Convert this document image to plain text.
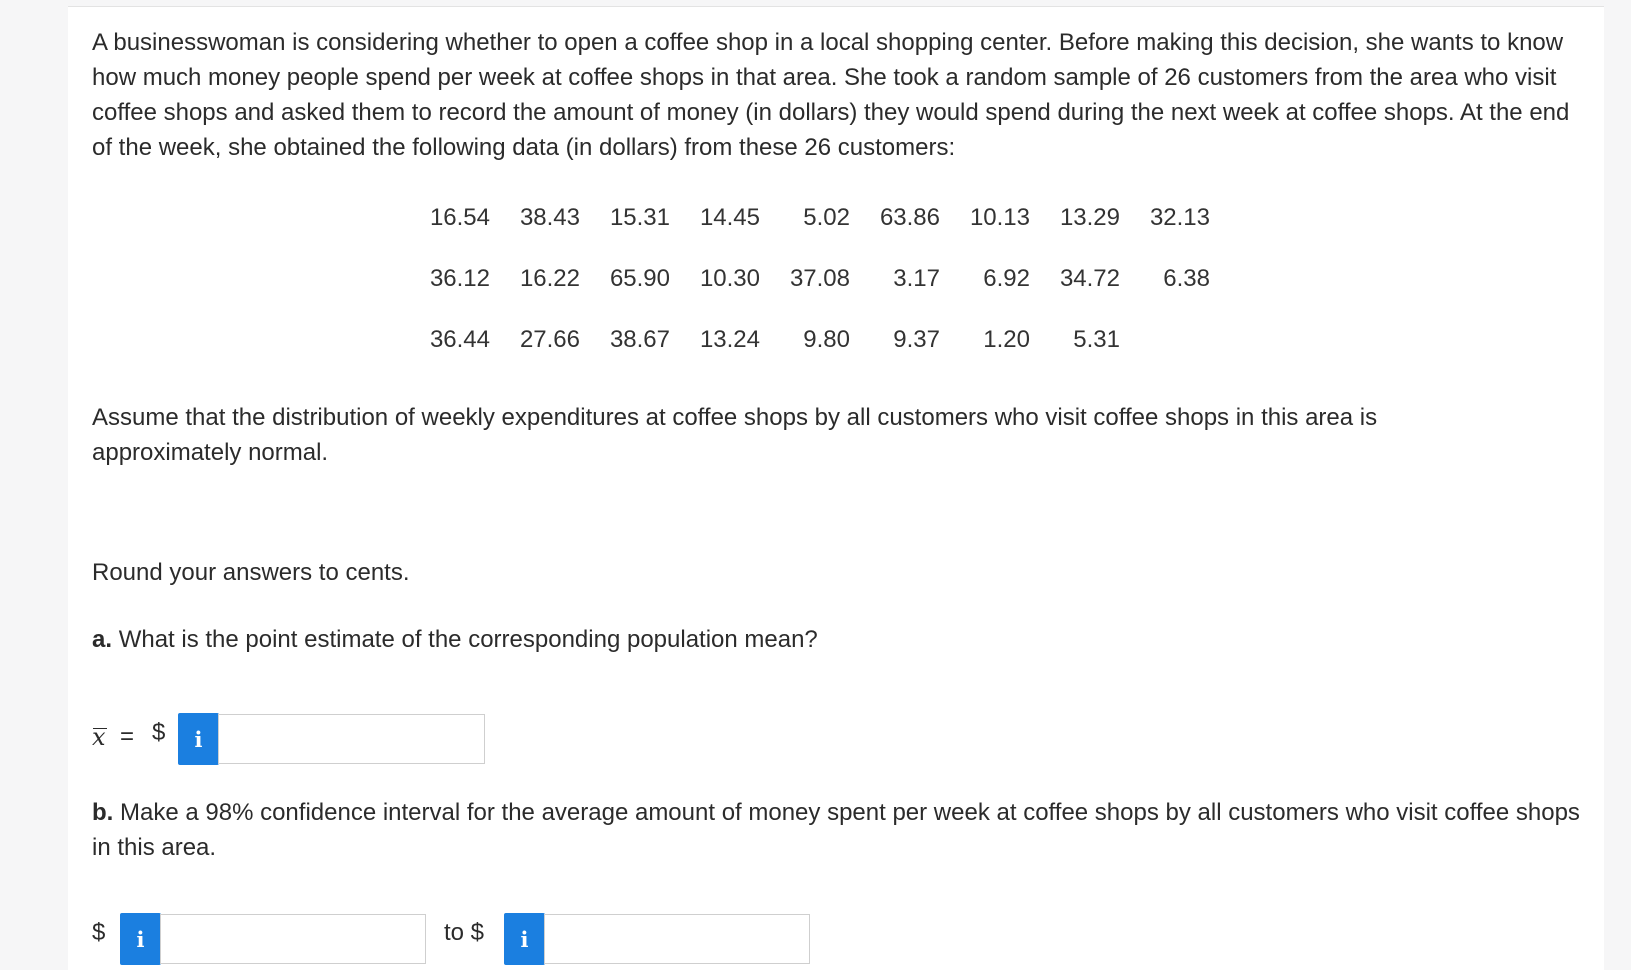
A businesswoman is considering whether to open a coffee shop in a local shopping center. Before making this decision, she wants to know how much money people spend per week at coffee shops in that area. She took a random sample of 26 customers from the area who visit coffee shops and asked them to record the amount of money (in dollars) they would spend during the next week at coffee shops. At the end of the week, she obtained the following data (in dollars) from these 26 customers:
16.54	38.43	15.31	14.45	5.02	63.86	10.13	13.29	32.13
36.12	16.22	65.90	10.30	37.08	3.17	6.92	34.72	6.38
36.44	27.66	38.67	13.24	9.80	9.37	1.20	5.31	
Assume that the distribution of weekly expenditures at coffee shops by all customers who visit coffee shops in this area is approximately normal.
Round your answers to cents.
a. What is the point estimate of the corresponding population mean?
x = $ i
b. Make a 98% confidence interval for the average amount of money spent per week at coffee shops by all customers who visit coffee shops in this area.
$ i	to $ i
